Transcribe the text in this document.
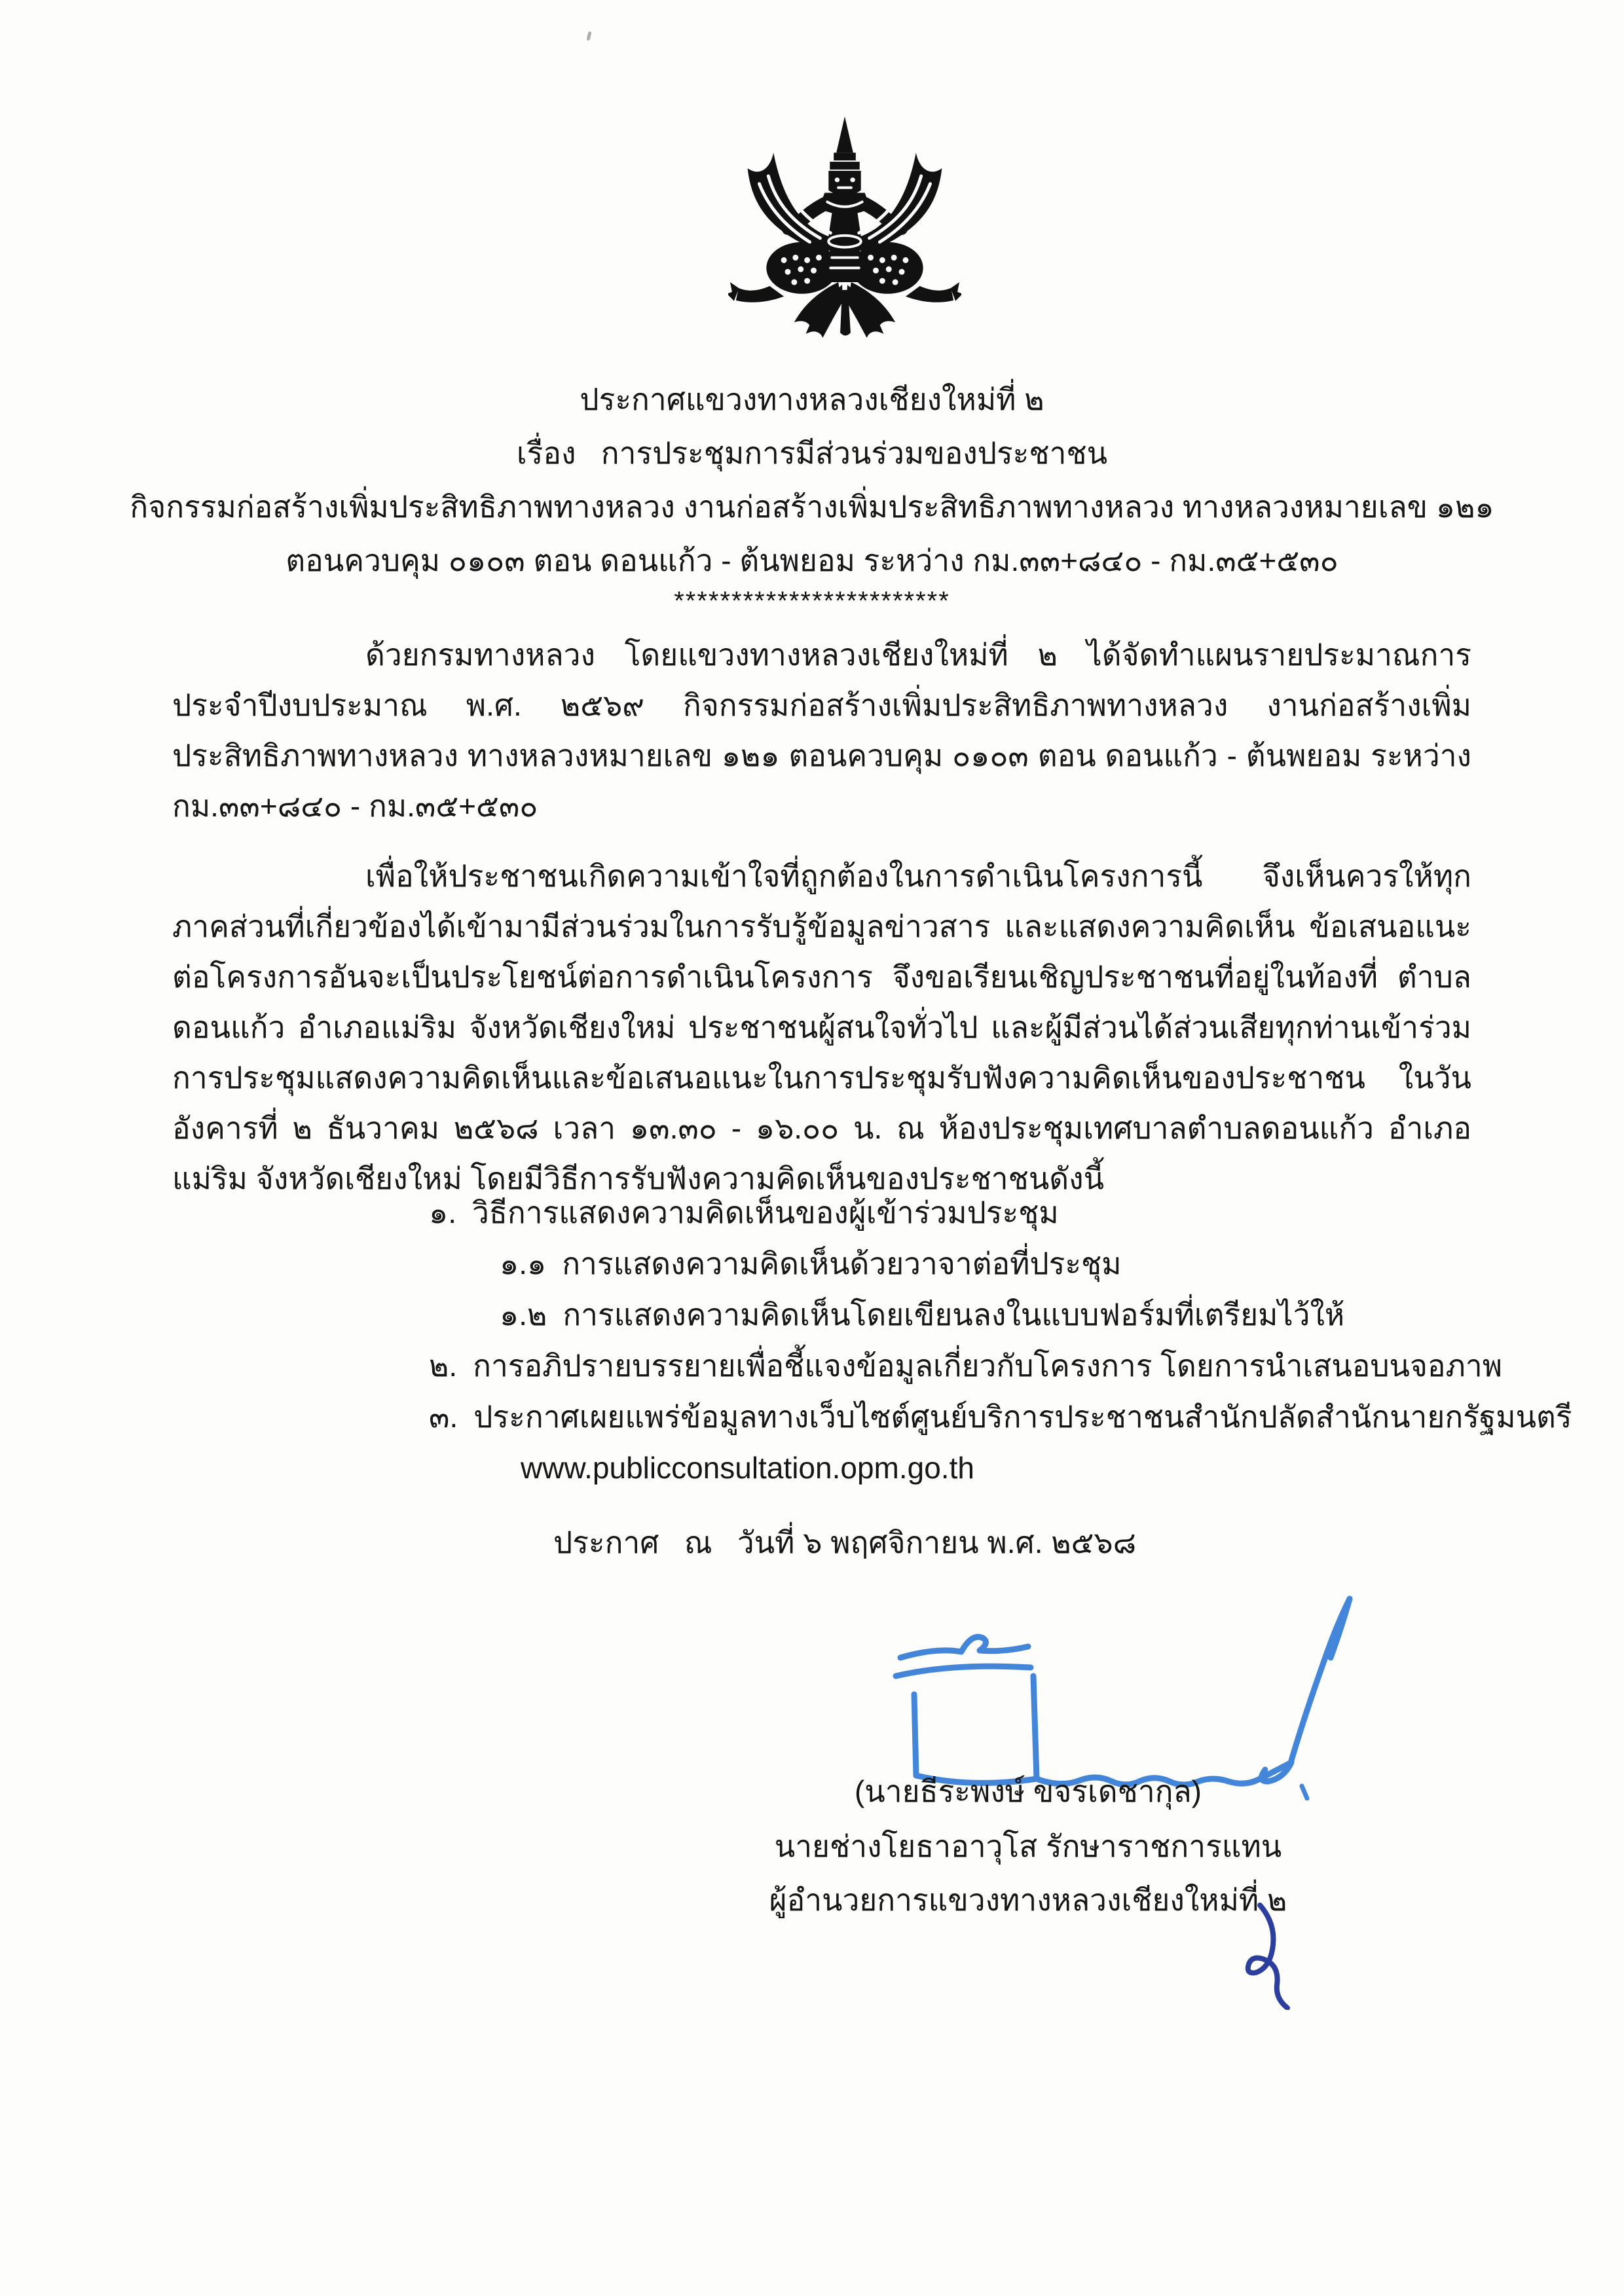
ประกาศแขวงทางหลวงเชียงใหม่ที่ ๒
เรื่อง   การประชุมการมีส่วนร่วมของประชาชน
กิจกรรมก่อสร้างเพิ่มประสิทธิภาพทางหลวง งานก่อสร้างเพิ่มประสิทธิภาพทางหลวง ทางหลวงหมายเลข ๑๒๑
ตอนควบคุม ๐๑๐๓ ตอน ดอนแก้ว - ต้นพยอม ระหว่าง กม.๓๓+๘๔๐ - กม.๓๕+๕๓๐
************************
ด้วยกรมทางหลวง โดยแขวงทางหลวงเชียงใหม่ที่ ๒ ได้จัดทำแผนรายประมาณการประจำปีงบประมาณ พ.ศ. ๒๕๖๙ กิจกรรมก่อสร้างเพิ่มประสิทธิภาพทางหลวง งานก่อสร้างเพิ่มประสิทธิภาพทางหลวง ทางหลวงหมายเลข ๑๒๑ ตอนควบคุม ๐๑๐๓ ตอน ดอนแก้ว - ต้นพยอม ระหว่าง กม.๓๓+๘๔๐ - กม.๓๕+๕๓๐
เพื่อให้ประชาชนเกิดความเข้าใจที่ถูกต้องในการดำเนินโครงการนี้ จึงเห็นควรให้ทุกภาคส่วนที่เกี่ยวข้องได้เข้ามามีส่วนร่วมในการรับรู้ข้อมูลข่าวสาร และแสดงความคิดเห็น ข้อเสนอแนะต่อโครงการอันจะเป็นประโยชน์ต่อการดำเนินโครงการ จึงขอเรียนเชิญประชาชนที่อยู่ในท้องที่ ตำบลดอนแก้ว อำเภอแม่ริม จังหวัดเชียงใหม่ ประชาชนผู้สนใจทั่วไป และผู้มีส่วนได้ส่วนเสียทุกท่านเข้าร่วมการประชุมแสดงความคิดเห็นและข้อเสนอแนะในการประชุมรับฟังความคิดเห็นของประชาชน ในวันอังคารที่ ๒ ธันวาคม ๒๕๖๘ เวลา ๑๓.๓๐ - ๑๖.๐๐ น. ณ ห้องประชุมเทศบาลตำบลดอนแก้ว อำเภอแม่ริม จังหวัดเชียงใหม่ โดยมีวิธีการรับฟังความคิดเห็นของประชาชนดังนี้
๑. วิธีการแสดงความคิดเห็นของผู้เข้าร่วมประชุม
๑.๑ การแสดงความคิดเห็นด้วยวาจาต่อที่ประชุม
๑.๒ การแสดงความคิดเห็นโดยเขียนลงในแบบฟอร์มที่เตรียมไว้ให้
๒. การอภิปรายบรรยายเพื่อชี้แจงข้อมูลเกี่ยวกับโครงการ โดยการนำเสนอบนจอภาพ
๓. ประกาศเผยแพร่ข้อมูลทางเว็บไซต์ศูนย์บริการประชาชนสำนักปลัดสำนักนายกรัฐมนตรี
www.publicconsultation.opm.go.th
ประกาศ   ณ   วันที่ ๖ พฤศจิกายน พ.ศ. ๒๕๖๘
(นายธีระพงษ์ ขจรเดชากุล)
นายช่างโยธาอาวุโส รักษาราชการแทน
ผู้อำนวยการแขวงทางหลวงเชียงใหม่ที่ ๒
